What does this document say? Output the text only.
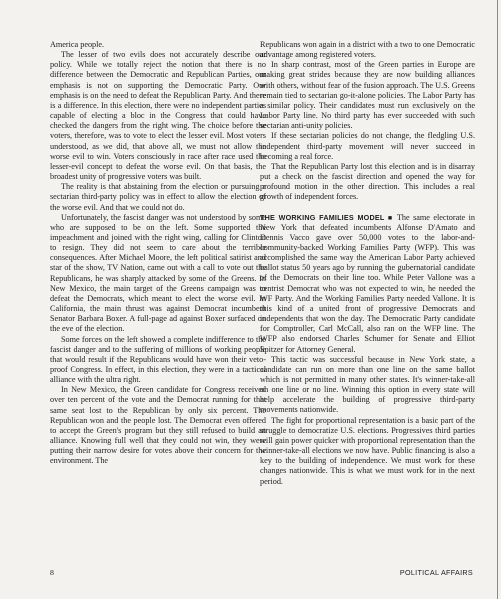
America people.

The lesser of two evils does not accurately describe our policy. While we totally reject the notion that there is no difference between the Democratic and Republican Parties, our emphasis is not on supporting the Democratic Party. Our emphasis is on the need to defeat the Republican Party. And there is a difference. In this election, there were no independent parties capable of electing a bloc in the Congress that could have checked the dangers from the right wing. The choice before the voters, therefore, was to vote to elect the lesser evil. Most voters understood, as we did, that above all, we must not allow the worse evil to win. Voters consciously in race after race used the lesser-evil concept to defeat the worse evil. On that basis, the broadest unity of progressive voters was built.

The reality is that abstaining from the election or pursuing a sectarian third-party policy was in effect to allow the election of the worse evil. And that we could not do.

Unfortunately, the fascist danger was not understood by some who are supposed to be on the left. Some supported the impeachment and joined with the right wing, calling for Clinton to resign. They did not seem to care about the terrible consequences. After Michael Moore, the left political satirist and star of the show, TV Nation, came out with a call to vote out the Republicans, he was sharply attacked by some of the Greens. In New Mexico, the main target of the Greens campaign was to defeat the Democrats, which meant to elect the worse evil. In California, the main thrust was against Democrat incumbent Senator Barbara Boxer. A full-page ad against Boxer surfaced on the eve of the election.

Some forces on the left showed a complete indifference to the fascist danger and to the suffering of millions of working people that would result if the Republicans would have won their veto-proof Congress. In effect, in this election, they were in a tactical alliance with the ultra right.

In New Mexico, the Green candidate for Congress received over ten percent of the vote and the Democrat running for that same seat lost to the Republican by only six percent. The Republican won and the people lost. The Democrat even offered to accept the Green's program but they still refused to build an alliance. Knowing full well that they could not win, they were putting their narrow desire for votes above their concern for the environment. The

Republicans won again in a district with a two to one Democratic advantage among registered voters.

In sharp contrast, most of the Green parties in Europe are making great strides because they are now building alliances with others, without fear of the fusion approach. The U.S. Greens remain tied to sectarian go-it-alone policies. The Labor Party has a similar policy. Their candidates must run exclusively on the Labor Party line. No third party has ever succeeded with such sectarian anti-unity policies.

If these sectarian policies do not change, the fledgling U.S. independent third-party movement will never succeed in becoming a real force.

That the Republican Party lost this election and is in disarray put a check on the fascist direction and opened the way for profound motion in the other direction. This includes a real growth of independent forces.

THE WORKING FAMILIES MODEL ■ The same electorate in New York that defeated incumbents Alfonse D'Amato and Dennis Vacco gave over 50,000 votes to the labor-and-community-backed Working Families Party (WFP). This was accomplished the same way the American Labor Party achieved ballot status 50 years ago by running the gubernatorial candidate of the Democrats on their line too. While Peter Vallone was a centrist Democrat who was not expected to win, he needed the WF Party. And the Working Families Party needed Vallone. It is this kind of a united front of progressive Democrats and independents that won the day. The Democratic Party candidate for Comptroller, Carl McCall, also ran on the WFP line. The WFP also endorsed Charles Schumer for Senate and Elliot Spitzer for Attorney General.

This tactic was successful because in New York state, a candidate can run on more than one line on the same ballot which is not permitted in many other states. It's winner-take-all on one line or no line. Winning this option in every state will help accelerate the building of progressive third-party movements nationwide.

The fight for proportional representation is a basic part of the struggle to democratize U.S. elections. Progressives third parties will gain power quicker with proportional representation than the winner-take-all elections we now have. Public financing is also a key to the building of independence. We must work for these changes nationwide. This is what we must work for in the next period.

8	POLITICAL AFFAIRS
